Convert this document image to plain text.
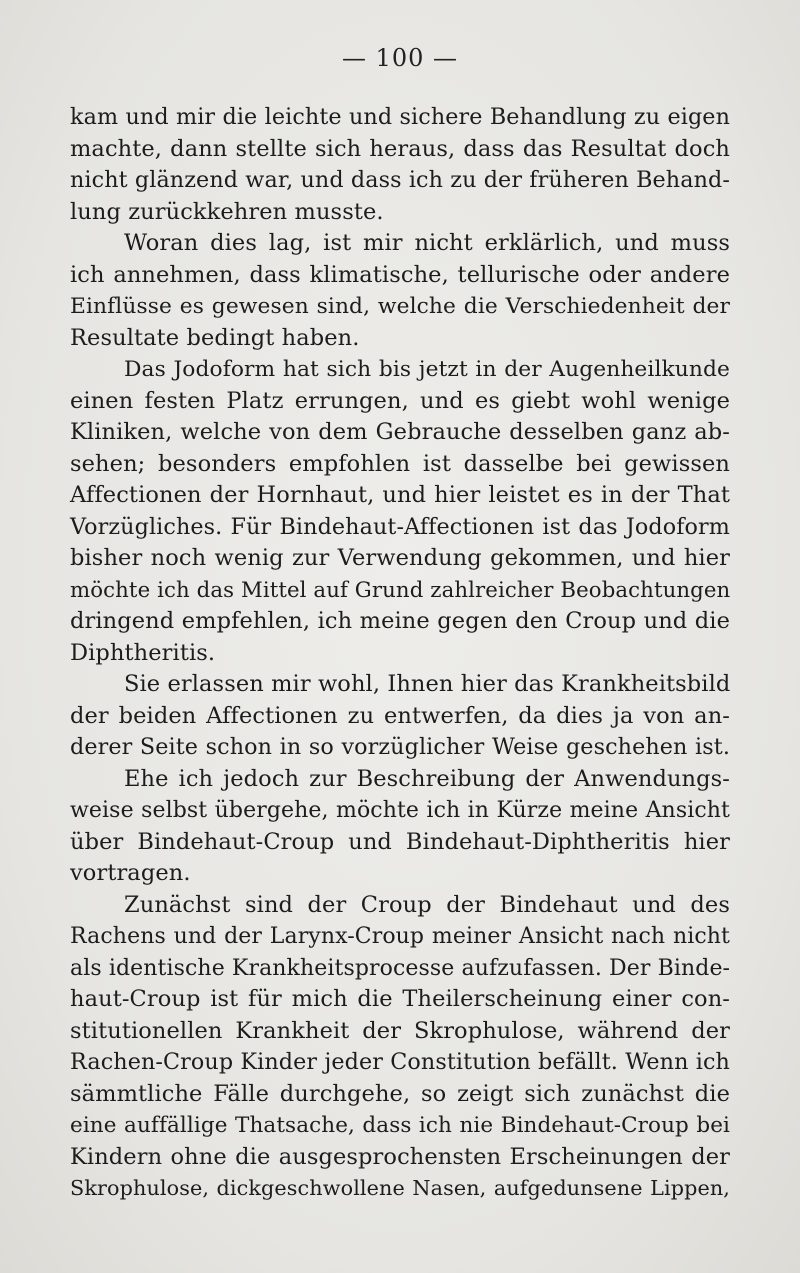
— 100 —
kam und mir die leichte und sichere Behandlung zu eigen
machte, dann stellte sich heraus, dass das Resultat doch
nicht glänzend war, und dass ich zu der früheren Behand-
lung zurückkehren musste.
Woran dies lag, ist mir nicht erklärlich, und muss
ich annehmen, dass klimatische, tellurische oder andere
Einflüsse es gewesen sind, welche die Verschiedenheit der
Resultate bedingt haben.
Das Jodoform hat sich bis jetzt in der Augenheilkunde
einen festen Platz errungen, und es giebt wohl wenige
Kliniken, welche von dem Gebrauche desselben ganz ab-
sehen; besonders empfohlen ist dasselbe bei gewissen
Affectionen der Hornhaut, und hier leistet es in der That
Vorzügliches. Für Bindehaut-Affectionen ist das Jodoform
bisher noch wenig zur Verwendung gekommen, und hier
möchte ich das Mittel auf Grund zahlreicher Beobachtungen
dringend empfehlen, ich meine gegen den Croup und die
Diphtheritis.
Sie erlassen mir wohl, Ihnen hier das Krankheitsbild
der beiden Affectionen zu entwerfen, da dies ja von an-
derer Seite schon in so vorzüglicher Weise geschehen ist.
Ehe ich jedoch zur Beschreibung der Anwendungs-
weise selbst übergehe, möchte ich in Kürze meine Ansicht
über Bindehaut-Croup und Bindehaut-Diphtheritis hier
vortragen.
Zunächst sind der Croup der Bindehaut und des
Rachens und der Larynx-Croup meiner Ansicht nach nicht
als identische Krankheitsprocesse aufzufassen. Der Binde-
haut-Croup ist für mich die Theilerscheinung einer con-
stitutionellen Krankheit der Skrophulose, während der
Rachen-Croup Kinder jeder Constitution befällt. Wenn ich
sämmtliche Fälle durchgehe, so zeigt sich zunächst die
eine auffällige Thatsache, dass ich nie Bindehaut-Croup bei
Kindern ohne die ausgesprochensten Erscheinungen der
Skrophulose, dickgeschwollene Nasen, aufgedunsene Lippen,
